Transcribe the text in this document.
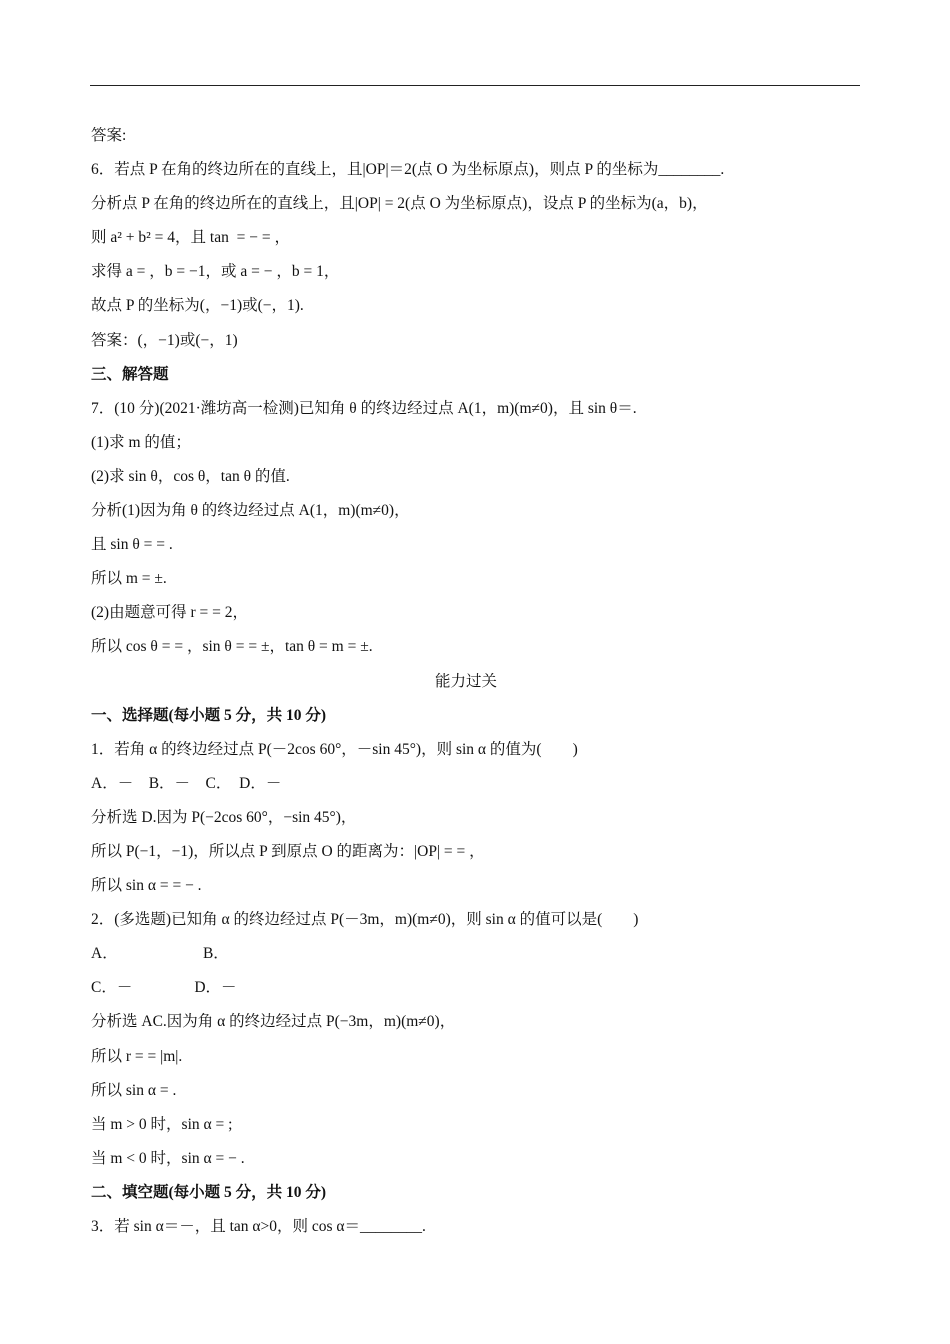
答案:
6．若点 P 在角的终边所在的直线上，且|OP|＝2(点 O 为坐标原点)，则点 P 的坐标为________.
分析点 P 在角的终边所在的直线上，且|OP| = 2(点 O 为坐标原点)，设点 P 的坐标为(a，b)，
则 a² + b² = 4，且 tan  = − = ，
求得 a = ，b = −1，或 a = − ，b = 1，
故点 P 的坐标为(，−1)或(−，1).
答案：(，−1)或(−，1)
三、解答题
7．(10 分)(2021·潍坊高一检测)已知角 θ 的终边经过点 A(1，m)(m≠0)，且 sin θ＝.
(1)求 m 的值；
(2)求 sin θ，cos θ，tan θ 的值.
分析(1)因为角 θ 的终边经过点 A(1，m)(m≠0)，
且 sin θ = = .
所以 m = ±.
(2)由题意可得 r = = 2，
所以 cos θ = = ，sin θ = = ±，tan θ = m = ±.
能力过关
一、选择题(每小题 5 分，共 10 分)
1．若角 α 的终边经过点 P(－2cos 60°，－sin 45°)，则 sin α 的值为(　　)
A．－　B．－　C．　D．－
分析选 D.因为 P(−2cos 60°，−sin 45°)，
所以 P(−1，−1)，所以点 P 到原点 O 的距离为：|OP| = = ，
所以 sin α = = − .
2．(多选题)已知角 α 的终边经过点 P(－3m，m)(m≠0)，则 sin α 的值可以是(　　)
A．　　　　　　B．
C．－　　　　D．－
分析选 AC.因为角 α 的终边经过点 P(−3m，m)(m≠0)，
所以 r = = |m|.
所以 sin α = .
当 m > 0 时，sin α = ;
当 m < 0 时，sin α = − .
二、填空题(每小题 5 分，共 10 分)
3．若 sin α＝－，且 tan α>0，则 cos α＝________.
